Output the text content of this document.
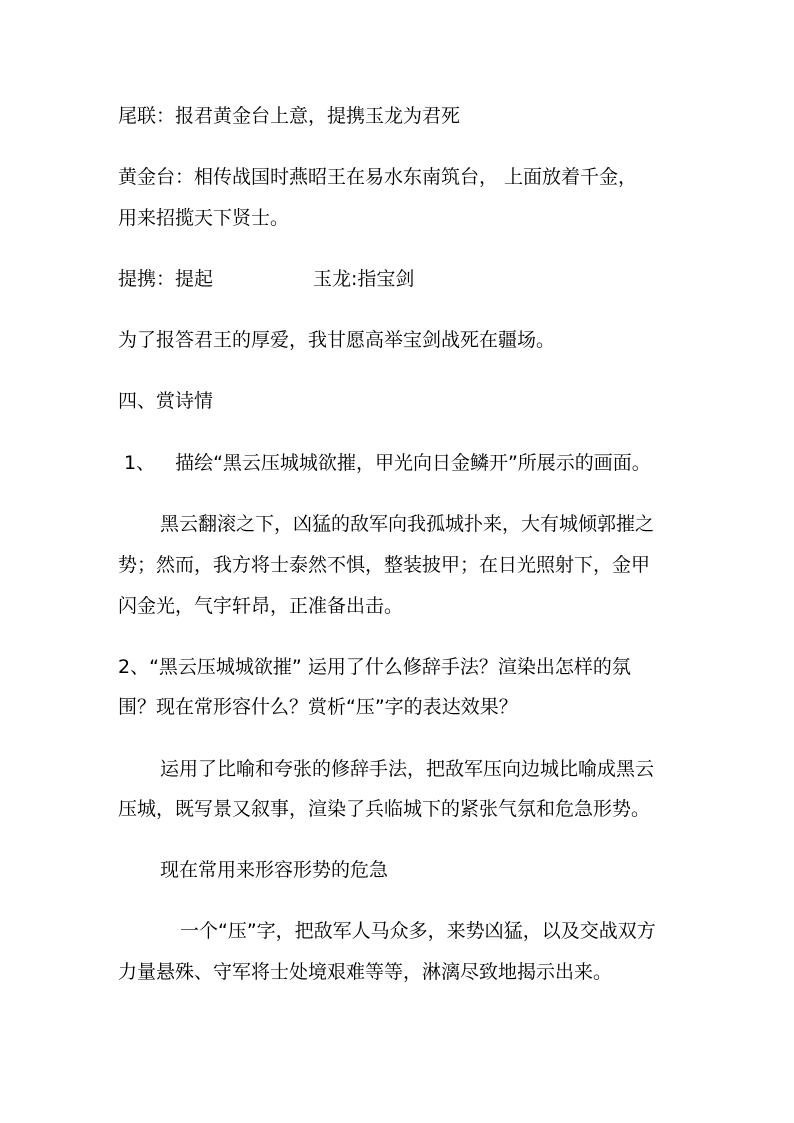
尾联：报君黄金台上意，提携玉龙为君死
黄金台：相传战国时燕昭王在易水东南筑台， 上面放着千金，
用来招揽天下贤士。
提携：提起	玉龙:指宝剑
为了报答君王的厚爱，我甘愿高举宝剑战死在疆场。
四、赏诗情
1、 描绘“黑云压城城欲摧，甲光向日金鳞开”所展示的画面。
黑云翻滚之下，凶猛的敌军向我孤城扑来，大有城倾郭摧之
势；然而，我方将士泰然不惧，整装披甲；在日光照射下，金甲
闪金光，气宇轩昂，正准备出击。
2、“黑云压城城欲摧” 运用了什么修辞手法？渲染出怎样的氛
围？现在常形容什么？赏析“压”字的表达效果？
运用了比喻和夸张的修辞手法，把敌军压向边城比喻成黑云
压城，既写景又叙事，渲染了兵临城下的紧张气氛和危急形势。
现在常用来形容形势的危急
一个“压”字，把敌军人马众多，来势凶猛，以及交战双方
力量悬殊、守军将士处境艰难等等，淋漓尽致地揭示出来。
